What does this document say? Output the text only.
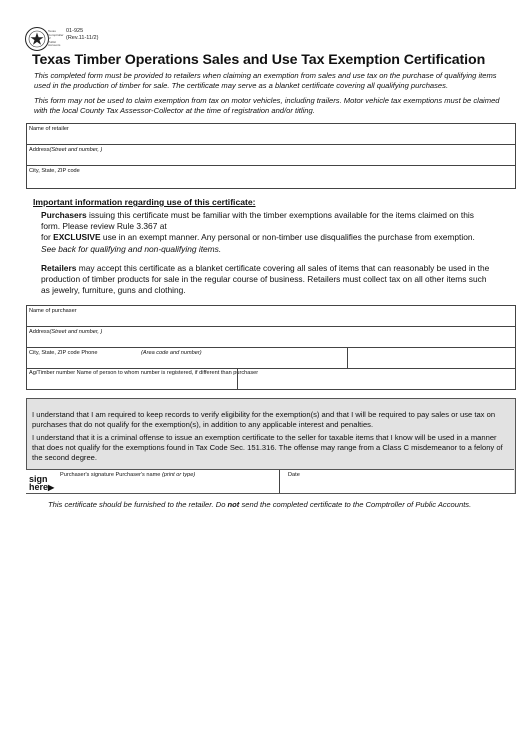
Texas Comptroller of Public Accounts
01-925
(Rev.11-11/2)
Texas Timber Operations Sales and Use Tax Exemption Certification
This completed form must be provided to retailers when claiming an exemption from sales and use tax on the purchase of qualifying items used in the production of timber for sale. The certificate may serve as a blanket certificate covering all qualifying purchases.
This form may not be used to claim exemption from tax on motor vehicles, including trailers. Motor vehicle tax exemptions must be claimed with the local County Tax Assessor-Collector at the time of registration and/or titling.
Name of retailer
Address(Street and number, )
City, State, ZIP code
Important information regarding use of this certificate:
Purchasers issuing this certificate must be familiar with the timber exemptions available for the items claimed on this form. Please review Rule 3.367 at
for EXCLUSIVE use in an exempt manner. Any personal or non-timber use disqualifies the purchase from exemption. See back for qualifying and non-qualifying items.
Retailers may accept this certificate as a blanket certificate covering all sales of items that can reasonably be used in the production of timber products for sale in the regular course of business. Retailers must collect tax on all other items such as jewelry, furniture, guns and clothing.
Name of purchaser
Address(Street and number, )
City, State, ZIP code Phone	(Area code and number)
Ag/Timber number Name of person to whom number is registered, if different than purchaser
I understand that I am required to keep records to verify eligibility for the exemption(s) and that I will be required to pay sales or use tax on purchases that do not qualify for the exemption(s), in addition to any applicable interest and penalties.
I understand that it is a criminal offense to issue an exemption certificate to the seller for taxable items that I know will be used in a manner that does not qualify for the exemptions found in Tax Code Sec. 151.316. The offense may range from a Class C misdemeanor to a felony of the second degree.
Purchaser's signature Purchaser's name (print or type)	Date
sign
here▶
This certificate should be furnished to the retailer. Do not send the completed certificate to the Comptroller of Public Accounts.
